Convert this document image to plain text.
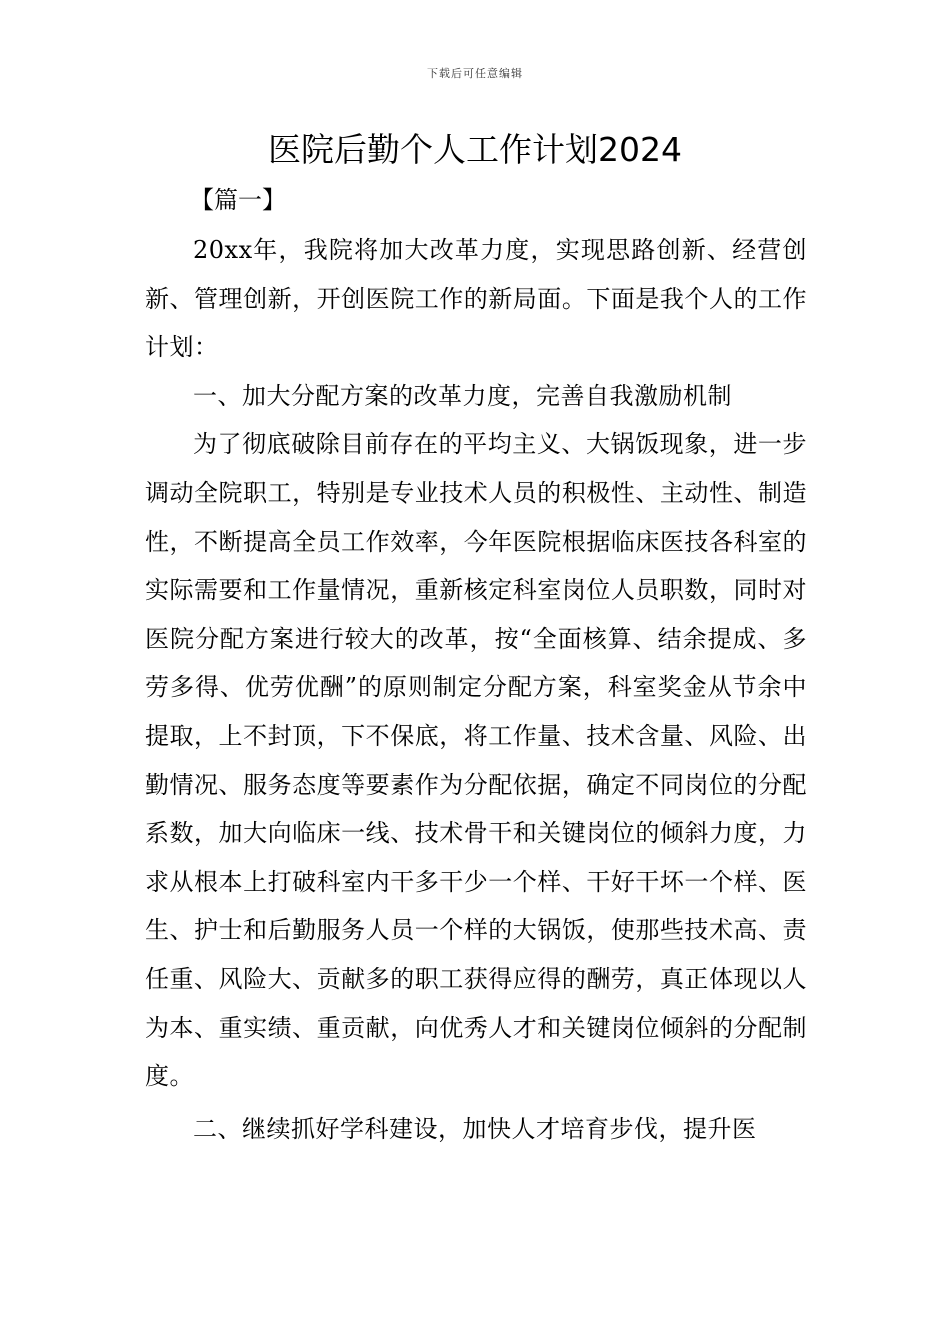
下载后可任意编辑
医院后勤个人工作计划2024
【篇一】

20xx年，我院将加大改革力度，实现思路创新、经营创新、管理创新，开创医院工作的新局面。下面是我个人的工作计划：

一、加大分配方案的改革力度，完善自我激励机制

为了彻底破除目前存在的平均主义、大锅饭现象，进一步调动全院职工，特别是专业技术人员的积极性、主动性、制造性，不断提高全员工作效率，今年医院根据临床医技各科室的实际需要和工作量情况，重新核定科室岗位人员职数，同时对医院分配方案进行较大的改革，按“全面核算、结余提成、多劳多得、优劳优酬”的原则制定分配方案，科室奖金从节余中提取，上不封顶，下不保底，将工作量、技术含量、风险、出勤情况、服务态度等要素作为分配依据，确定不同岗位的分配系数，加大向临床一线、技术骨干和关键岗位的倾斜力度，力求从根本上打破科室内干多干少一个样、干好干坏一个样、医生、护士和后勤服务人员一个样的大锅饭，使那些技术高、责任重、风险大、贡献多的职工获得应得的酬劳，真正体现以人为本、重实绩、重贡献，向优秀人才和关键岗位倾斜的分配制度。

二、继续抓好学科建设，加快人才培育步伐，提升医
